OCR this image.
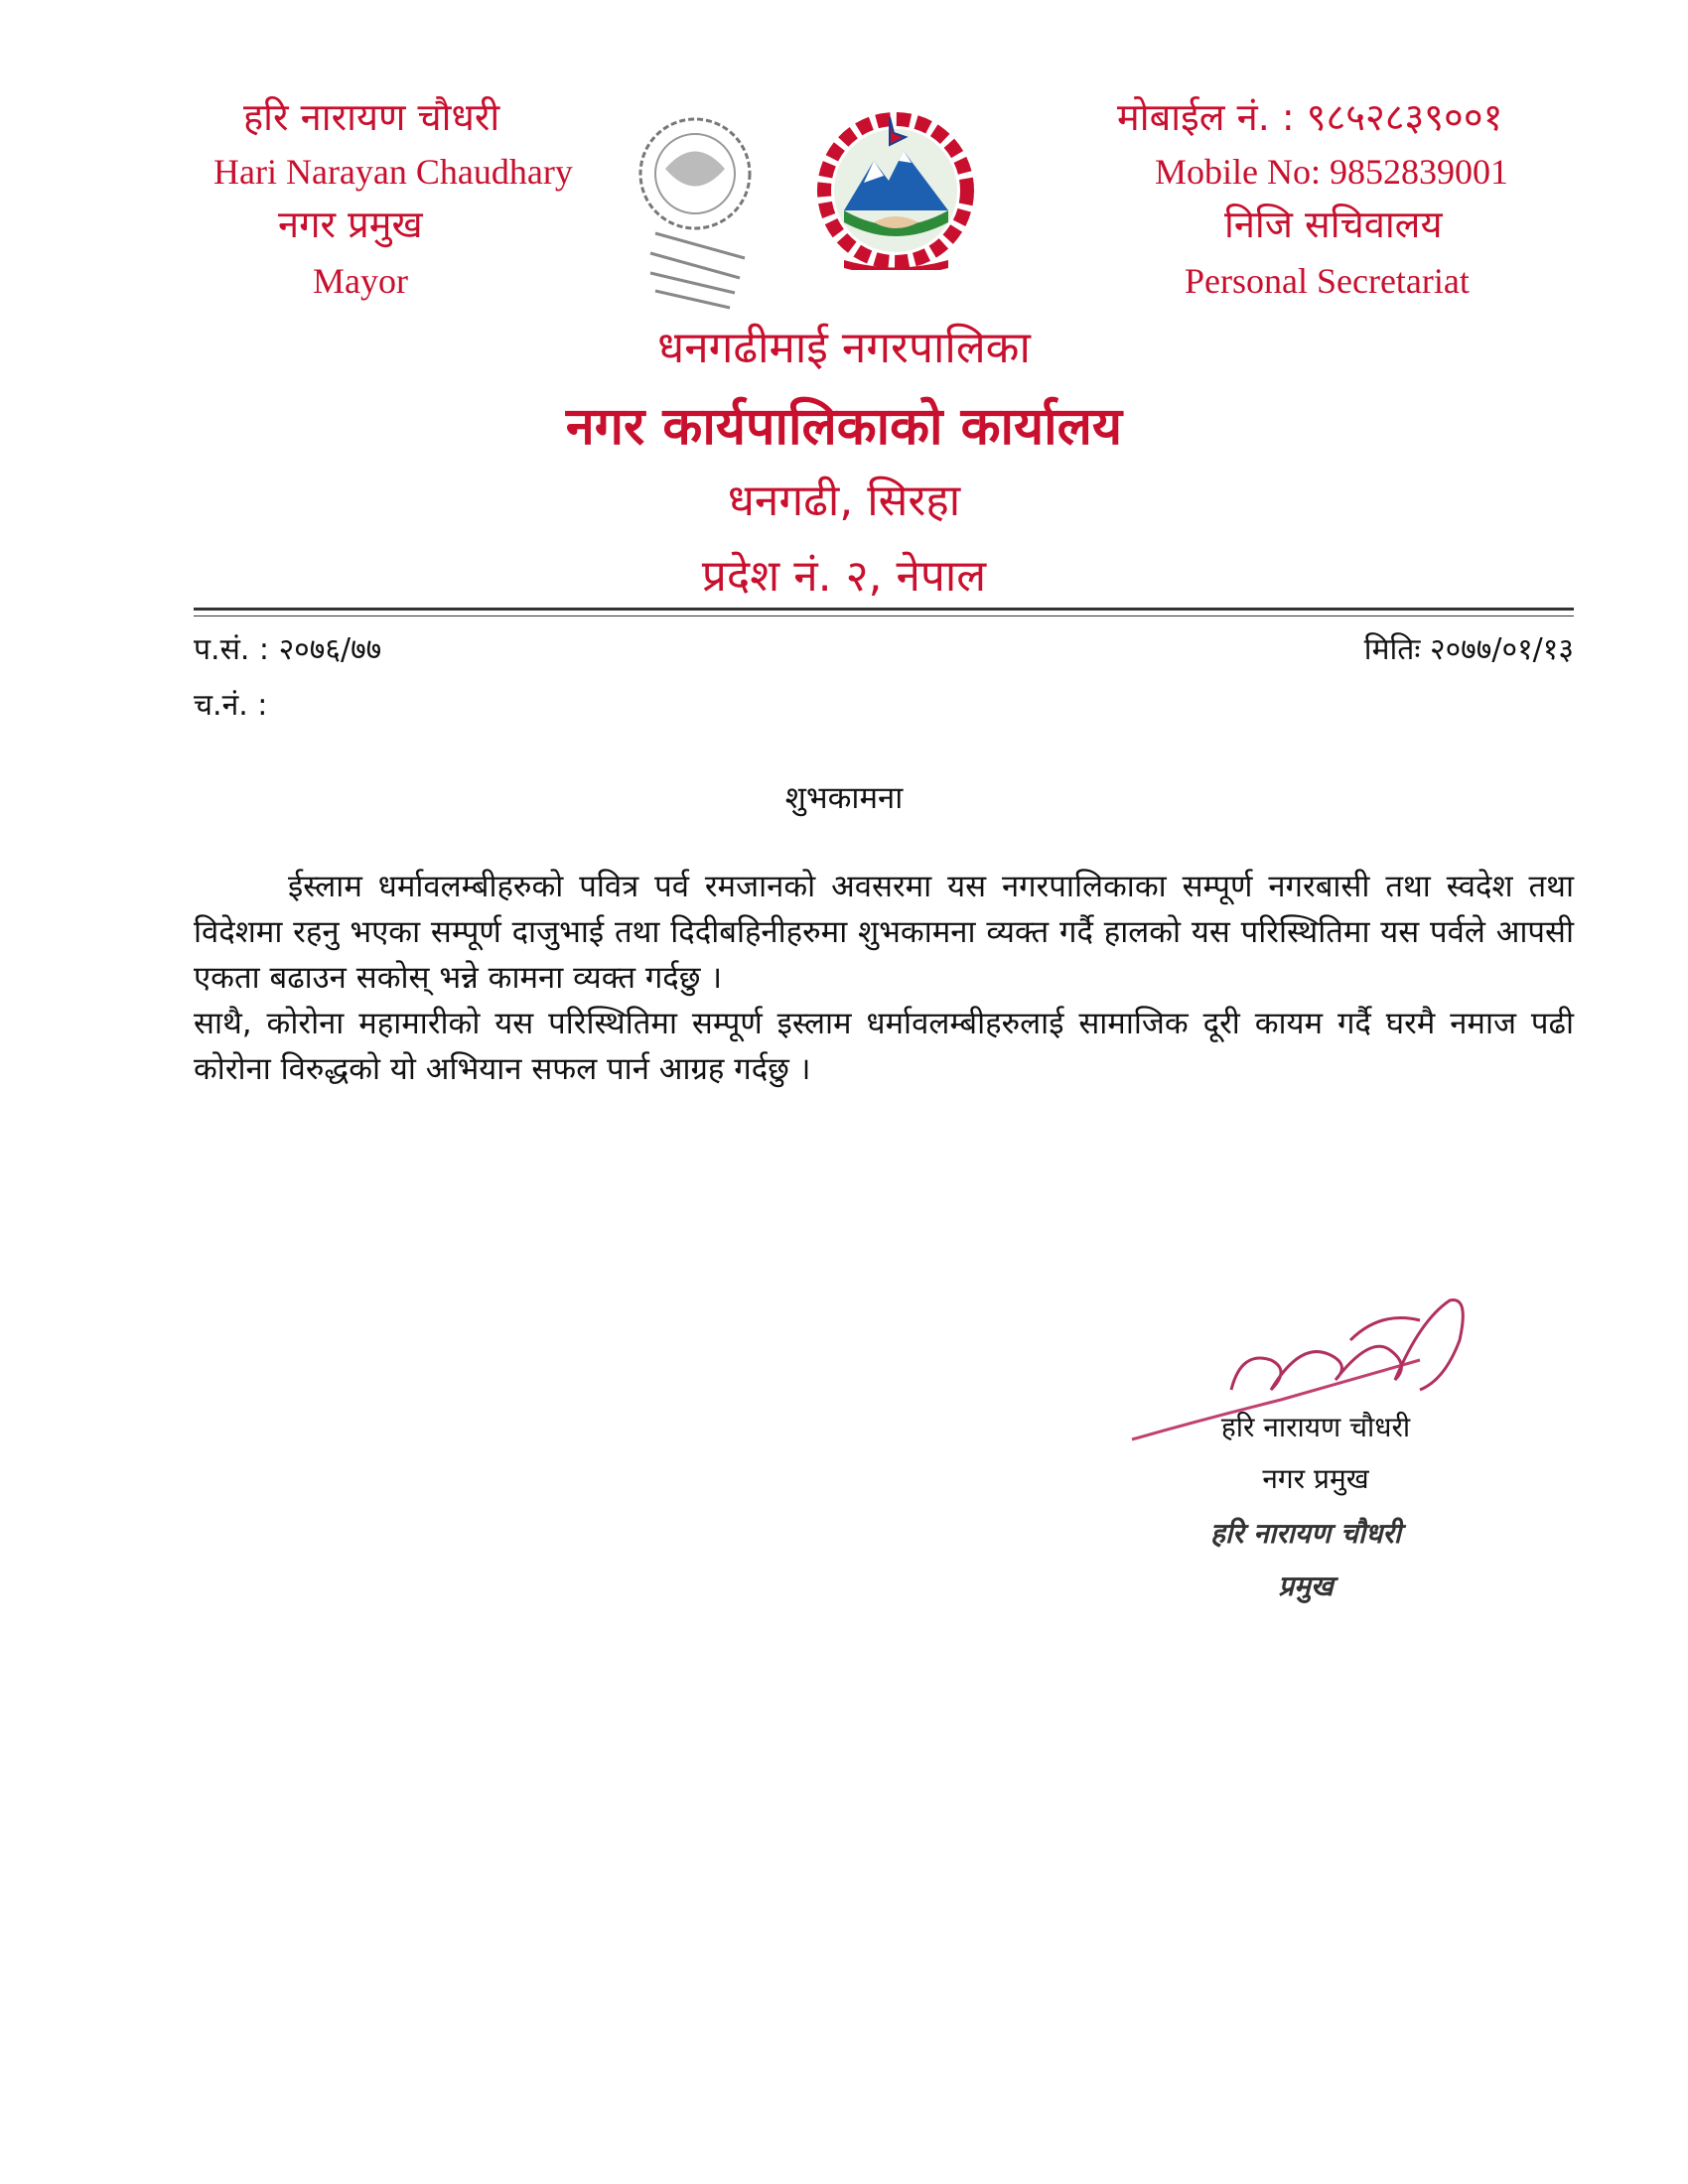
हरि नारायण चौधरी
Hari Narayan Chaudhary
नगर प्रमुख
Mayor
मोबाईल नं. : ९८५२८३९००१
Mobile No: 9852839001
निजि सचिवालय
Personal Secretariat
धनगढीमाई नगरपालिका
नगर कार्यपालिकाको कार्यालय
धनगढी, सिरहा
प्रदेश नं. २, नेपाल
प.सं. : २०७६/७७	मितिः २०७७/०१/१३
च.नं. :
शुभकामना

ईस्लाम धर्मावलम्बीहरुको पवित्र पर्व रमजानको अवसरमा यस नगरपालिकाका सम्पूर्ण नगरबासी तथा स्वदेश तथा विदेशमा रहनु भएका सम्पूर्ण दाजुभाई तथा दिदीबहिनीहरुमा शुभकामना व्यक्त गर्दै हालको यस परिस्थितिमा यस पर्वले आपसी एकता बढाउन सकोस् भन्ने कामना व्यक्त गर्दछु ।

साथै, कोरोना महामारीको यस परिस्थितिमा सम्पूर्ण इस्लाम धर्मावलम्बीहरुलाई सामाजिक दूरी कायम गर्दै घरमै नमाज पढी कोरोना विरुद्धको यो अभियान सफल पार्न आग्रह गर्दछु ।

हरि नारायण चौधरी
नगर प्रमुख
हरि नारायण चौधरी
प्रमुख
